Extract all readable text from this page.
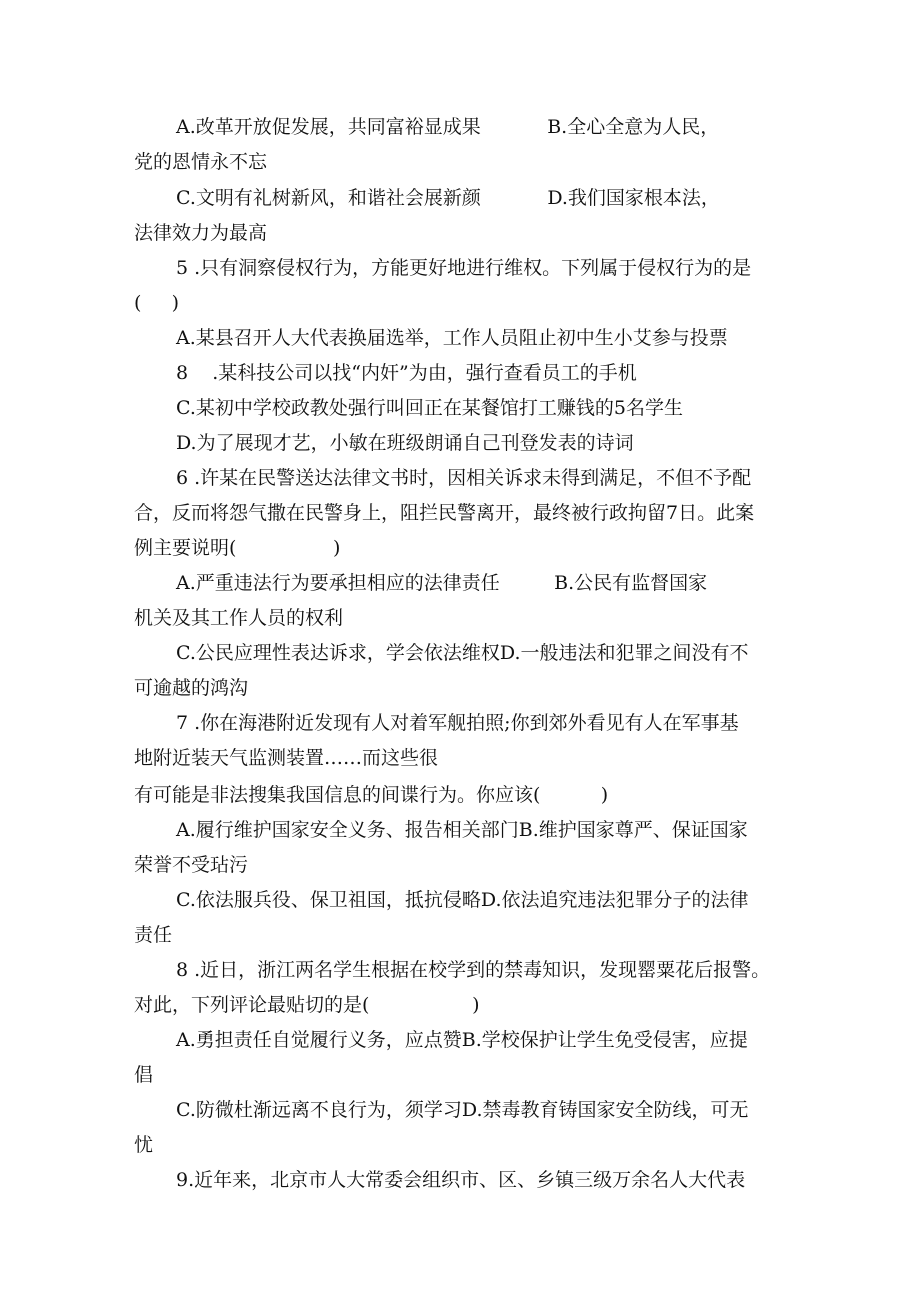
A.改革开放促发展，共同富裕显成果           B.全心全意为人民，
党的恩情永不忘
C.文明有礼树新风，和谐社会展新颜           D.我们国家根本法，
法律效力为最高
5 .只有洞察侵权行为，方能更好地进行维权。下列属于侵权行为的是
(     )
A.某县召开人大代表换届选举，工作人员阻止初中生小艾参与投票
8    .某科技公司以找“内奸”为由，强行查看员工的手机
C.某初中学校政教处强行叫回正在某餐馆打工赚钱的5名学生
D.为了展现才艺，小敏在班级朗诵自己刊登发表的诗词
6 .许某在民警送达法律文书时，因相关诉求未得到满足，不但不予配
合，反而将怨气撒在民警身上，阻拦民警离开，最终被行政拘留7日。此案
例主要说明(                )
A.严重违法行为要承担相应的法律责任         B.公民有监督国家
机关及其工作人员的权利
C.公民应理性表达诉求，学会依法维权D.一般违法和犯罪之间没有不
可逾越的鸿沟
7 .你在海港附近发现有人对着军舰拍照;你到郊外看见有人在军事基
地附近装天气监测装置……而这些很
有可能是非法搜集我国信息的间谍行为。你应该(          )
A.履行维护国家安全义务、报告相关部门B.维护国家尊严、保证国家
荣誉不受玷污
C.依法服兵役、保卫祖国，抵抗侵略D.依法追究违法犯罪分子的法律
责任
8 .近日，浙江两名学生根据在校学到的禁毒知识，发现罂粟花后报警。
对此，下列评论最贴切的是(                 )
A.勇担责任自觉履行义务，应点赞B.学校保护让学生免受侵害，应提
倡
C.防微杜渐远离不良行为，须学习D.禁毒教育铸国家安全防线，可无
忧
9.近年来，北京市人大常委会组织市、区、乡镇三级万余名人大代表
